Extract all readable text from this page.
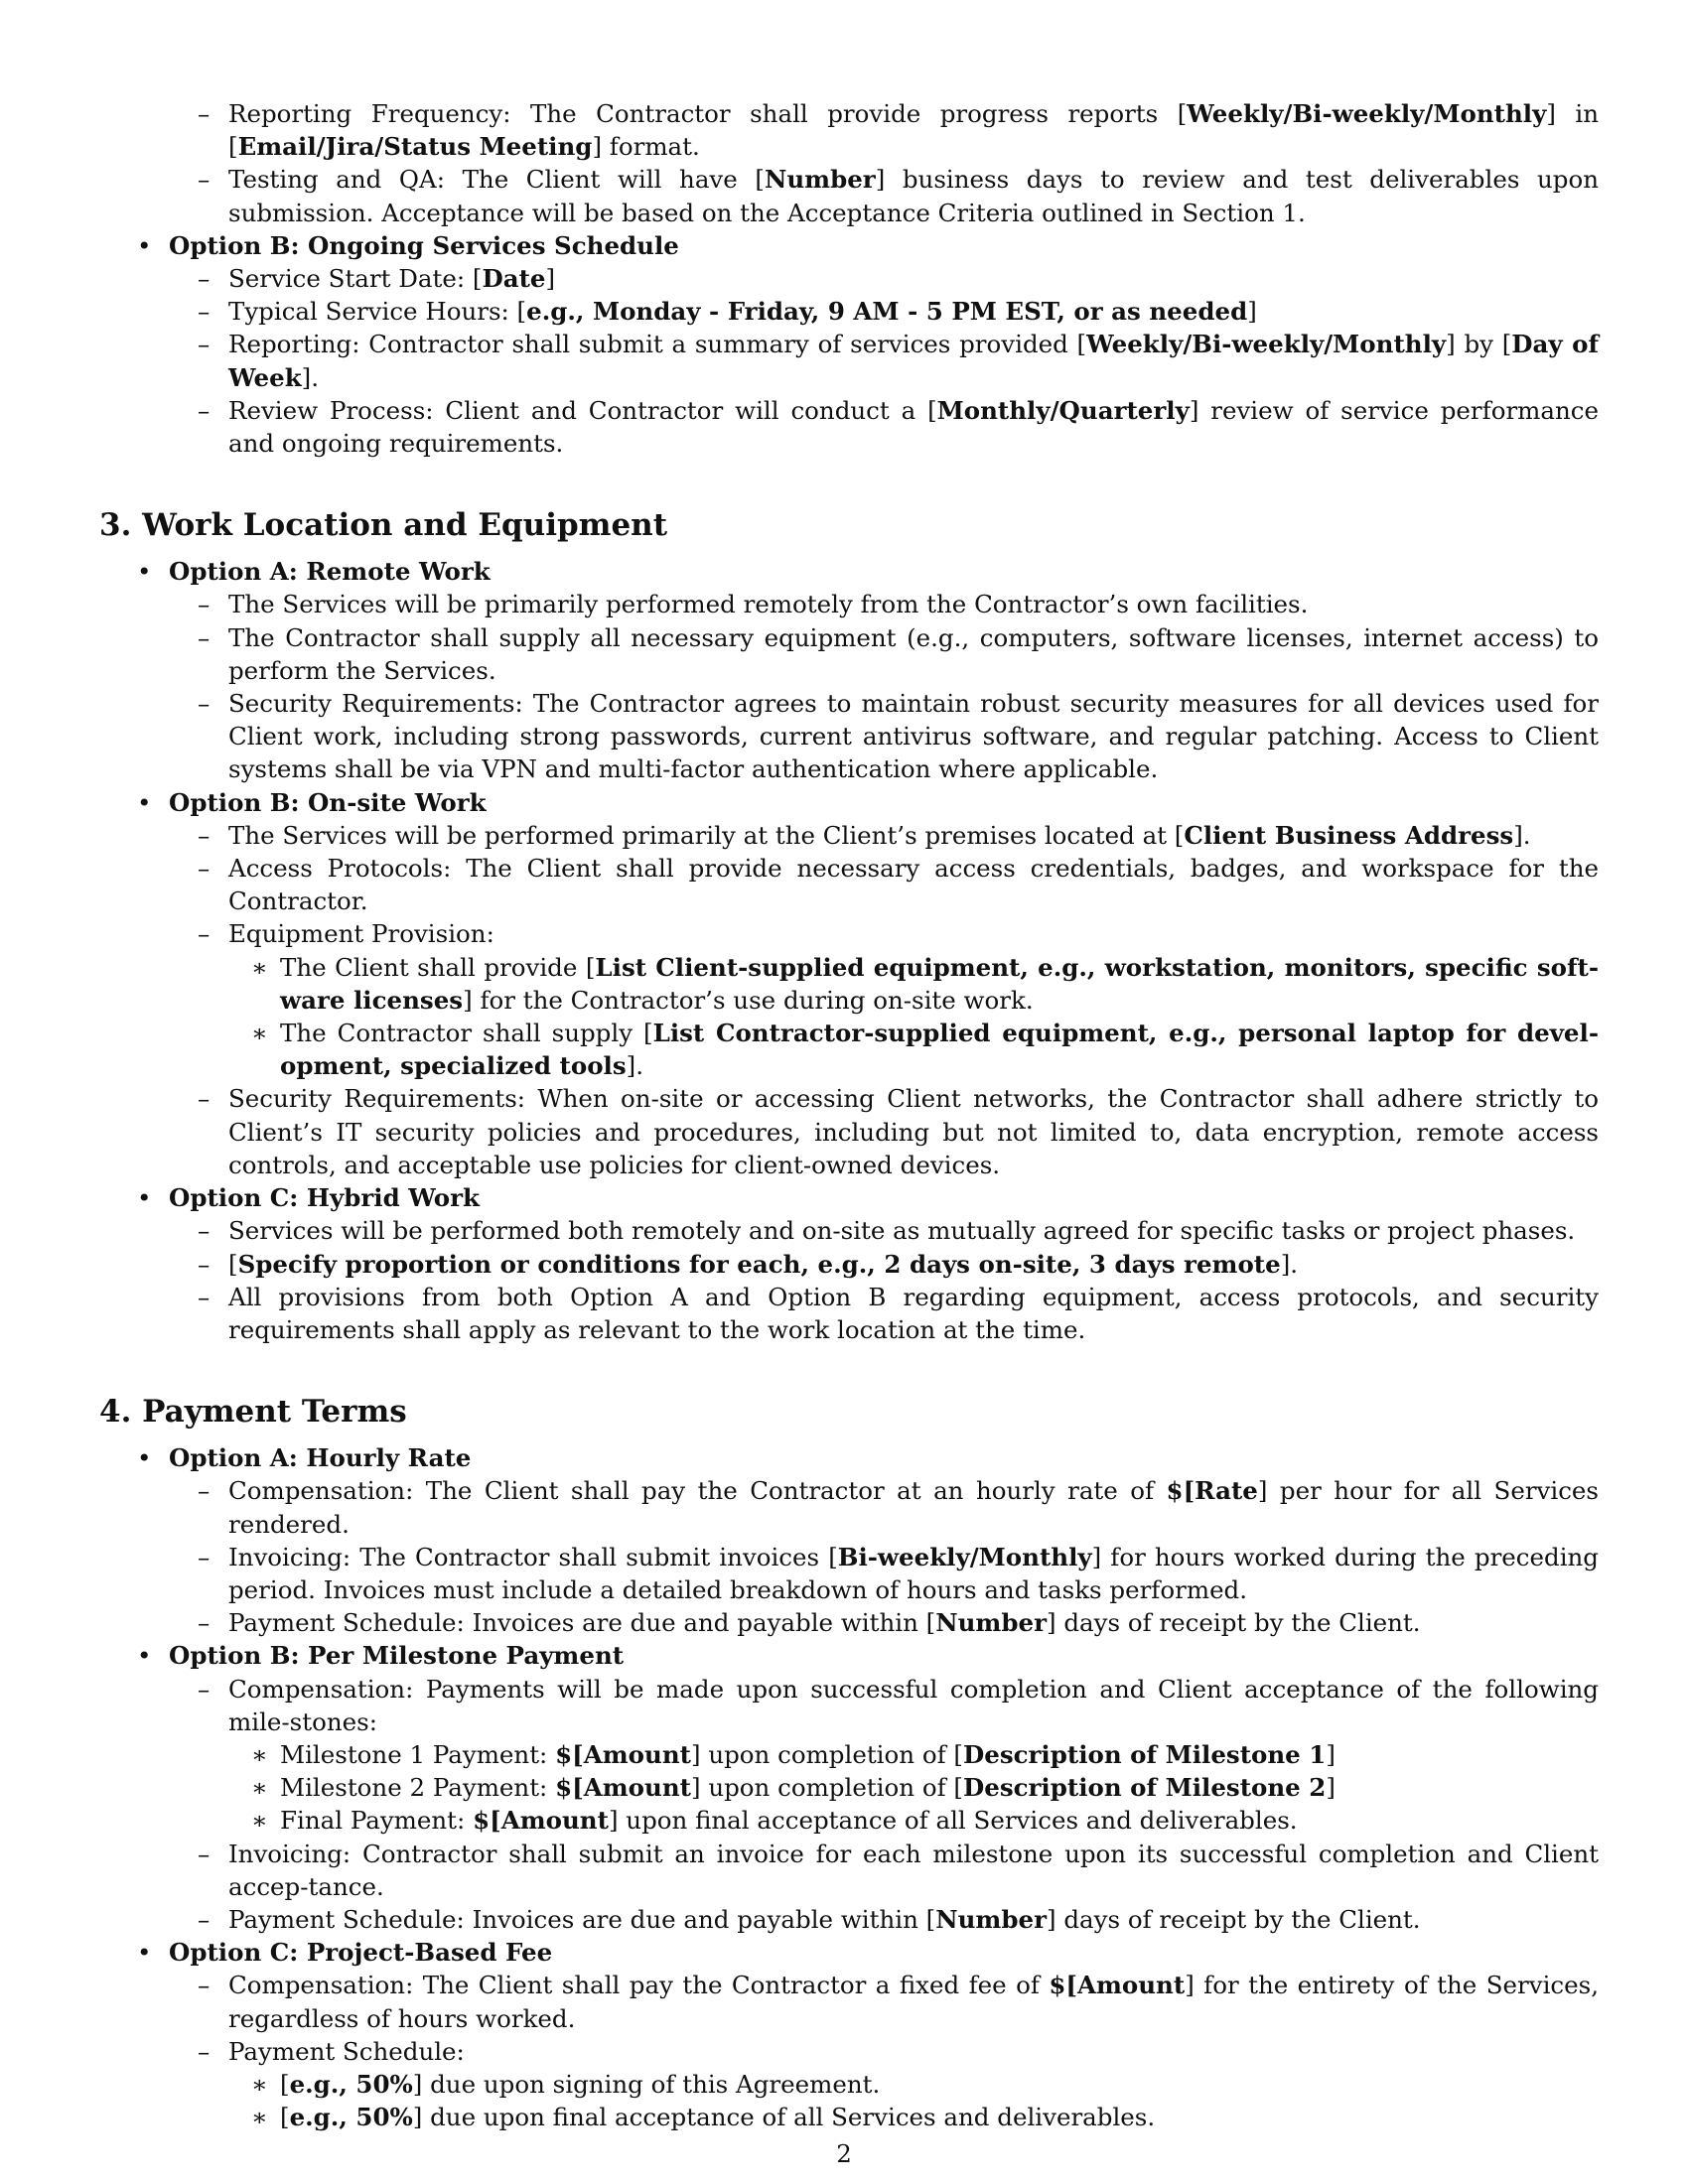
– Reporting Frequency: The Contractor shall provide progress reports [Weekly/Bi-weekly/Monthly] in [Email/Jira/Status Meeting] format.
– Testing and QA: The Client will have [Number] business days to review and test deliverables upon submission. Acceptance will be based on the Acceptance Criteria outlined in Section 1.
• Option B: Ongoing Services Schedule
– Service Start Date: [Date]
– Typical Service Hours: [e.g., Monday - Friday, 9 AM - 5 PM EST, or as needed]
– Reporting: Contractor shall submit a summary of services provided [Weekly/Bi-weekly/Monthly] by [Day of Week].
– Review Process: Client and Contractor will conduct a [Monthly/Quarterly] review of service performance and ongoing requirements.
3. Work Location and Equipment
• Option A: Remote Work
– The Services will be primarily performed remotely from the Contractor’s own facilities.
– The Contractor shall supply all necessary equipment (e.g., computers, software licenses, internet access) to perform the Services.
– Security Requirements: The Contractor agrees to maintain robust security measures for all devices used for Client work, including strong passwords, current antivirus software, and regular patching. Access to Client systems shall be via VPN and multi-factor authentication where applicable.
• Option B: On-site Work
– The Services will be performed primarily at the Client’s premises located at [Client Business Address].
– Access Protocols: The Client shall provide necessary access credentials, badges, and workspace for the Contractor.
– Equipment Provision:
∗ The Client shall provide [List Client-supplied equipment, e.g., workstation, monitors, specific soft-ware licenses] for the Contractor’s use during on-site work.
∗ The Contractor shall supply [List Contractor-supplied equipment, e.g., personal laptop for devel-opment, specialized tools].
– Security Requirements: When on-site or accessing Client networks, the Contractor shall adhere strictly to Client’s IT security policies and procedures, including but not limited to, data encryption, remote access controls, and acceptable use policies for client-owned devices.
• Option C: Hybrid Work
– Services will be performed both remotely and on-site as mutually agreed for specific tasks or project phases.
– [Specify proportion or conditions for each, e.g., 2 days on-site, 3 days remote].
– All provisions from both Option A and Option B regarding equipment, access protocols, and security requirements shall apply as relevant to the work location at the time.
4. Payment Terms
• Option A: Hourly Rate
– Compensation: The Client shall pay the Contractor at an hourly rate of $[Rate] per hour for all Services rendered.
– Invoicing: The Contractor shall submit invoices [Bi-weekly/Monthly] for hours worked during the preceding period. Invoices must include a detailed breakdown of hours and tasks performed.
– Payment Schedule: Invoices are due and payable within [Number] days of receipt by the Client.
• Option B: Per Milestone Payment
– Compensation: Payments will be made upon successful completion and Client acceptance of the following mile-stones:
∗ Milestone 1 Payment: $[Amount] upon completion of [Description of Milestone 1]
∗ Milestone 2 Payment: $[Amount] upon completion of [Description of Milestone 2]
∗ Final Payment: $[Amount] upon final acceptance of all Services and deliverables.
– Invoicing: Contractor shall submit an invoice for each milestone upon its successful completion and Client accep-tance.
– Payment Schedule: Invoices are due and payable within [Number] days of receipt by the Client.
• Option C: Project-Based Fee
– Compensation: The Client shall pay the Contractor a fixed fee of $[Amount] for the entirety of the Services, regardless of hours worked.
– Payment Schedule:
∗ [e.g., 50%] due upon signing of this Agreement.
∗ [e.g., 50%] due upon final acceptance of all Services and deliverables.
2
